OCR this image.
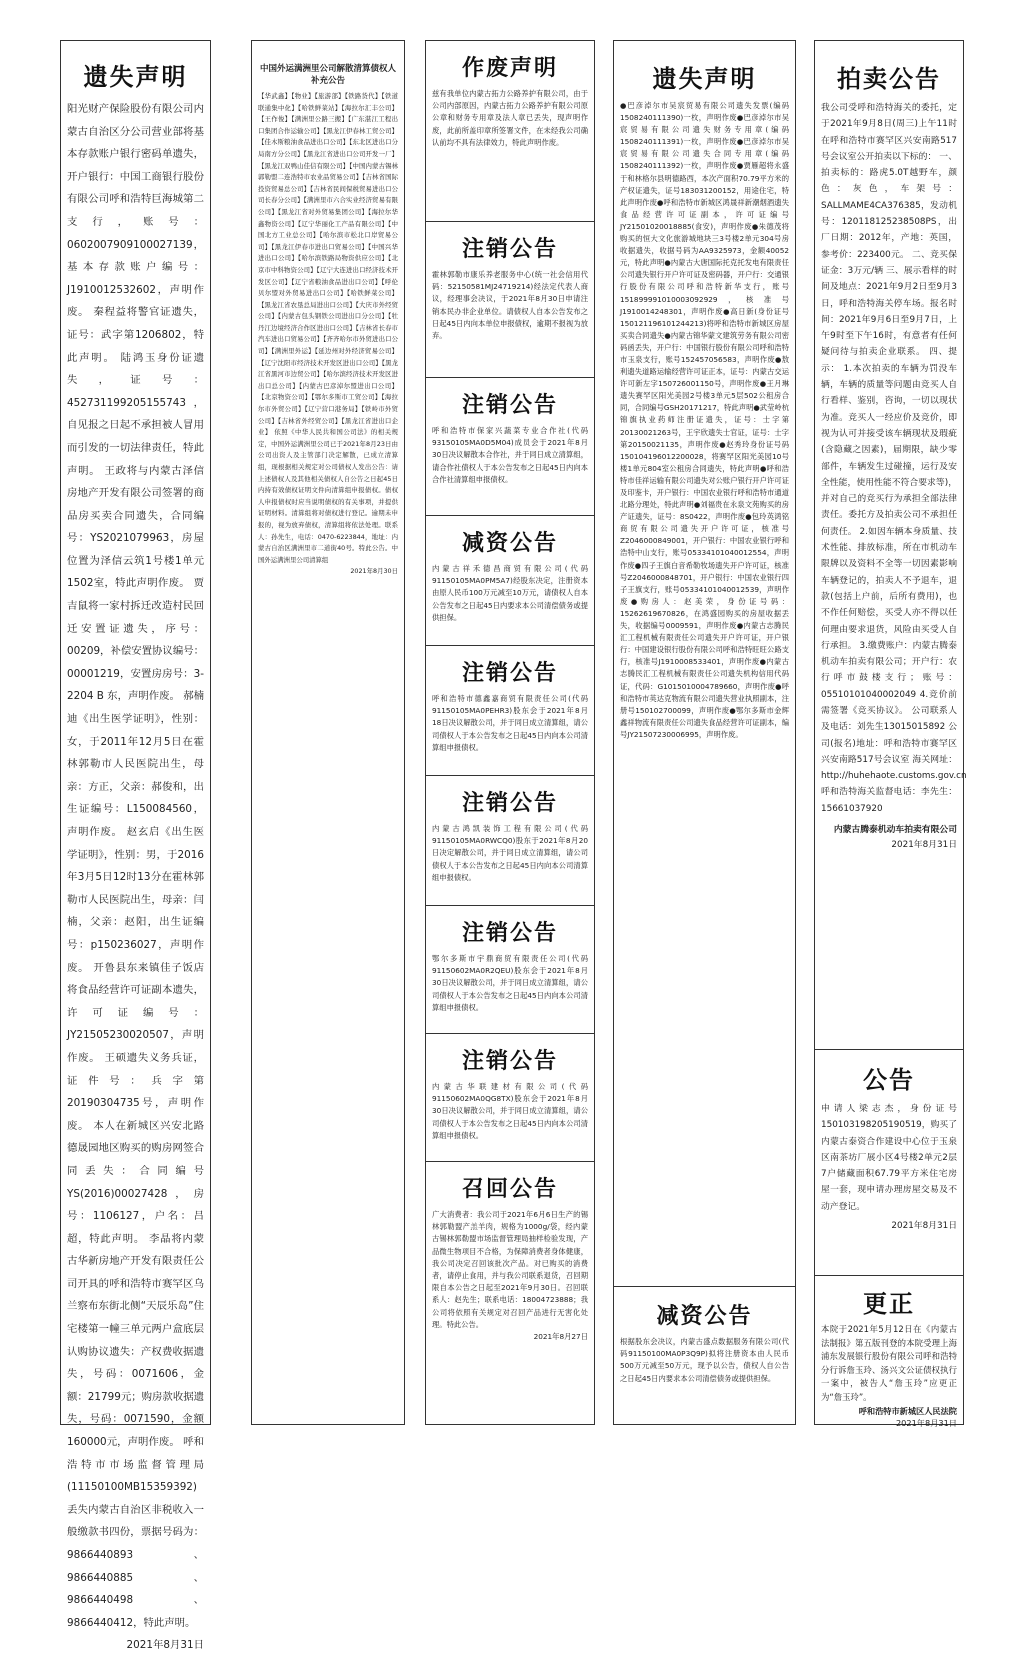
遗失声明

阳光财产保险股份有限公司内蒙古自治区分公司营业部将基本存款账户银行密码单遗失，开户银行：中国工商银行股份有限公司呼和浩特巨海城第二支行，账号：0602007909100027139，基本存款账户编号：J1910012532602，声明作废。 秦程益将警官证遗失，证号：武字第1206802，特此声明。 陆鸿玉身份证遗失，证号：452731199205155743，自见报之日起不承担被人冒用而引发的一切法律责任，特此声明。 王政将与内蒙古泽信房地产开发有限公司签署的商品房买卖合同遗失，合同编号：YS2021079963，房屋位置为泽信云筑1号楼1单元1502室，特此声明作废。 贾吉鼠将一家村拆迁改造村民回迁安置证遗失，序号：00209，补偿安置协议编号：00001219，安置房房号：3-2204 B 东，声明作废。 郝楠迪《出生医学证明》，性别：女，于2011年12月5日在霍林郭勒市人民医院出生，母亲：方正，父亲：郝俊和，出生证编号：L150084560，声明作废。 赵玄启《出生医学证明》，性别：男，于2016年3月5日12时13分在霍林郭勒市人民医院出生，母亲：闫楠，父亲：赵阳，出生证编号：p150236027，声明作废。 开鲁县东来镇佳子饭店将食品经营许可证副本遗失，许可证编号：JY21505230020507，声明作废。 王硕遗失义务兵证，证件号：兵字第20190304735号，声明作废。 本人在新城区兴安北路德晟园地区购买的购房网签合同丢失：合同编号YS(2016)00027428，房号：1106127，户名：吕超，特此声明。 李晶将内蒙古华新房地产开发有限责任公司开具的呼和浩特市赛罕区乌兰察布东街北侧“天辰乐岛”住宅楼第一幢三单元两户盒底层认购协议遗失：产权费收据遗失，号码：0071606，金额：21799元；购房款收据遗失，号码：0071590，金额160000元，声明作废。 呼和浩特市市场监督管理局(11150100MB15359392)丢失内蒙古自治区非税收入一般缴款书四份，票据号码为：9866440893、9866440885、9866440498、9866440412，特此声明。

2021年8月31日

中国外运满洲里公司解散清算债权人补充公告

【华武鑫】【物业】【旅游部】【铁路货代】【铁道联通集中化】【哈铁鲜菜站】【海拉尔汇丰公司】【王作俊】【满洲里公路三搬】【广东湛江工程出口集团合作运输公司】【黑龙江伊春林工贸公司】【佳木斯粮油食品进出口公司】【东北区进出口分局南方分公司】【黑龙江省进出口公司开发一厂】【黑龙江双鸭山佳信有限公司】【中国内蒙古锡林郭勒盟二连浩特市农业品贸易公司】【吉林省国际投资贸易总公司】【吉林省民间保税贸易进出口公司长春分公司】【满洲里市六合实业经济贸易有限公司】【黑龙江省对外贸易集团公司】【海拉尔华鑫物资公司】【辽宁华丽化工产品有限公司】【中国北方工业总公司】【哈尔滨市松北口岸贸易公司】【黑龙江伊春市进出口贸易公司】【中国兴华进出口公司】【哈尔滨铁路局物资供应公司】【北京市中科物资公司】【辽宁大连进出口经济技术开发区公司】【辽宁省粮油食品进出口公司】【呼伦贝尔盟对外贸易进出口公司】【哈铁鲜菜公司】【黑龙江省农垦总局进出口公司】【大庆市外经贸公司】【内蒙古包头钢铁公司进出口分公司】【牡丹江边境经济合作区进出口公司】【吉林省长春市汽车进出口贸易公司】【齐齐哈尔市外贸进出口公司】【满洲里外运】【延边州对外经济贸易公司】【辽宁沈阳市经济技术开发区进出口公司】【黑龙江省黑河市边贸公司】【哈尔滨经济技术开发区进出口总公司】【内蒙古巴彦淖尔盟进出口公司】【北京物资公司】【鄂尔多斯市工贸公司】【海拉尔市外贸公司】【辽宁营口港务局】【铁岭市外贸公司】【吉林省外经贸公司】【黑龙江省进出口企业】 依照《中华人民共和国公司法》的相关规定，中国外运满洲里公司已于2021年8月23日由公司出资人及主管部门决定解散，已成立清算组，现根据相关规定对公司债权人发出公告：请上述债权人及其他相关债权人自公告之日起45日内持有效债权证明文件向清算组申报债权。债权人申报债权时应当说明债权的有关事项，并提供证明材料。清算组将对债权进行登记。逾期未申报的，视为放弃债权，清算组将依法处理。联系人：孙先生，电话：0470-6223844，地址：内蒙古自治区满洲里市二道街40号。特此公告。中国外运满洲里公司清算组

2021年8月30日

作废声明

兹有我单位内蒙古拓力公路养护有限公司，由于公司内部原因，内蒙古拓力公路养护有限公司原公章和财务专用章及法人章已丢失，现声明作废，此前所盖印章所签署文件，在未经我公司确认前均不具有法律效力，特此声明作废。

注销公告

霍林郭勒市康乐养老服务中心(统一社会信用代码：52150581MJ24719214)经法定代表人商议，经理事会决议，于2021年8月30日申请注销本民办非企业单位。请债权人自本公告发布之日起45日内向本单位申报债权，逾期不报视为放弃。

注销公告

呼和浩特市保家兴蔬菜专业合作社(代码93150105MA0D5M04)成员会于2021年8月30日决议解散本合作社，并于同日成立清算组，请合作社债权人于本公告发布之日起45日内向本合作社清算组申报债权。

减资公告

内蒙古祥禾德昌商贸有限公司(代码91150105MA0PM5A7)经股东决定，注册资本由原人民币100万元减至10万元，请债权人自本公告发布之日起45日内要求本公司清偿债务或提供担保。

注销公告

呼和浩特市德鑫嘉商贸有限责任公司(代码91150105MA0PEHR3)股东会于2021年8月18日决议解散公司，并于同日成立清算组，请公司债权人于本公告发布之日起45日内向本公司清算组申报债权。

注销公告

内蒙古鸿凯装饰工程有限公司(代码91150105MA0RWCQ0)股东于2021年8月20日决定解散公司，并于同日成立清算组，请公司债权人于本公告发布之日起45日内向本公司清算组申报债权。

注销公告

鄂尔多斯市宇鼎商贸有限责任公司(代码91150602MA0R2QEU)股东会于2021年8月30日决议解散公司，并于同日成立清算组，请公司债权人于本公告发布之日起45日内向本公司清算组申报债权。

注销公告

内蒙古华联建材有限公司(代码91150602MA0QG8TX)股东会于2021年8月30日决议解散公司，并于同日成立清算组，请公司债权人于本公告发布之日起45日内向本公司清算组申报债权。

召回公告

广大消费者：我公司于2021年6月6日生产的锡林郭勒盟产羔羊肉，规格为1000g/袋，经内蒙古锡林郭勒盟市场监督管理局抽样检验发现，产品微生物项目不合格，为保障消费者身体健康，我公司决定召回该批次产品。对已购买的消费者，请停止食用，并与我公司联系退货，召回期限自本公告之日起至2021年9月30日。召回联系人：赵先生；联系电话：18004723888；我公司将依照有关规定对召回产品进行无害化处理。特此公告。

2021年8月27日

遗失声明

●巴彦淖尔市吴宸贸易有限公司遗失发票(编码1508240111390)一枚，声明作废●巴彦淖尔市吴宸贸易有限公司遗失财务专用章(编码1508240111391)一枚，声明作废●巴彦淖尔市吴宸贸易有限公司遗失合同专用章(编码1508240111392)一枚，声明作废●贾雁超将永盛于和林格尔县明德路西，本次产面积70.79平方米的产权证遗失，证号183031200152，用途住宅，特此声明作废●呼和浩特市新城区鸿晟祥新潮烟酒遗失食品经营许可证副本，许可证编号JY21501020018885(食安)，声明作废●朱德茂将购买的恒大文化旅游城地块三3号楼2单元304号房收据遗失，收据号码为AA9325973，金额40052元，特此声明●内蒙古大唐国际托克托发电有限责任公司遗失银行开户许可证及密码器，开户行：交通银行股份有限公司呼和浩特新华支行，账号151899991010003092929，核准号J1910014248301，声明作废●高日新(身份证号150121196101244213)将呼和浩特市新城区房屋买卖合同遗失●内蒙古锦华蒙文建筑劳务有限公司密码函丢失，开户行：中国银行股份有限公司呼和浩特市玉泉支行，账号152457056583，声明作废●敖利遗失道路运输经营许可证正本，证号：内蒙古交运许可新左字150726001150号，声明作废●王月琳遗失赛罕区阳光美园2号楼3单元5层502公租房合同，合同编号GSH20171217，特此声明●武莹岭杭锦旗执业药师注册证遗失，证号：士字第20130021263号，王宇欣遗失士官证，证号：士字第20150021135，声明作废●赵秀玲身份证号码150104196012200028，将赛罕区阳光美园10号楼1单元804室公租房合同遗失，特此声明●呼和浩特市佳祥运输有限公司遗失对公账户银行开户许可证及印鉴卡，开户银行：中国农业银行呼和浩特市通道北路分理处，特此声明●刘福贵在永泉文苑购买的房产证遗失，证号：8S0422，声明作废●包玲英鸿铭商贸有限公司遗失开户许可证，核准号Z2046000849001，开户银行：中国农业银行呼和浩特中山支行，账号05334101040012554，声明作废●四子王旗白音希勒牧场遗失开户许可证，核准号Z2046000848701，开户银行：中国农业银行四子王旗支行，账号05334101040012539，声明作废●购房人：赵美荣，身份证号码：15262619670826，在鸿盛园购买的房屋收据丢失，收据编号0009591，声明作废●内蒙古志腾民汇工程机械有限责任公司遗失开户许可证，开户银行：中国建设银行股份有限公司呼和浩特旺旺公路支行，核准号J1910008533401，声明作废●内蒙古志腾民汇工程机械有限责任公司遗失机构信用代码证，代码：G1015010004789660，声明作废●呼和浩特市英达克物流有限公司遗失营业执照副本，注册号150102700099，声明作废●鄂尔多斯市金辉鑫祥物流有限责任公司遗失食品经营许可证副本，编号JY21507230006995，声明作废。

减资公告

根据股东会决议，内蒙古盛点数据服务有限公司(代码91150100MA0P3Q9P)拟将注册资本由人民币500万元减至50万元，现予以公告，债权人自公告之日起45日内要求本公司清偿债务或提供担保。

拍卖公告

我公司受呼和浩特海关的委托，定于2021年9月8日(周三)上午11时在呼和浩特市赛罕区兴安南路517号会议室公开拍卖以下标的： 一、拍卖标的：路虎5.0T越野车，颜色：灰色，车架号：SALLMAME4CA376385，发动机号：120118125238508PS，出厂日期：2012年，产地：英国，参考价：223400元。 二、竞买保证金：3万元/辆 三、展示看样的时间及地点：2021年9月2日至9月3日，呼和浩特海关停车场。报名时间：2021年9月6日至9月7日，上午9时至下午16时，有意者有任何疑问待与拍卖企业联系。 四、提示： 1.本次拍卖的车辆为罚没车辆，车辆的质量等问题由竞买人自行看样、鉴别，咨询，一切以现状为准。竞买人一经应价及竞价，即视为认可并接受该车辆现状及瑕疵(含隐藏之因素)，届期限，缺少零部件，车辆发生过碰撞，运行及安全性能，使用性能不符合要求等)，并对自己的竞买行为承担全部法律责任。委托方及拍卖公司不承担任何责任。 2.如因车辆本身质量、技术性能、排放标准，所在市机动车限牌以及资料不全等一切因素影响车辆登记的，拍卖人不予退车，退款(包括上户前，后所有费用)，也不作任何赔偿，买受人亦不得以任何理由要求退货，风险由买受人自行承担。 3.缴费账户：内蒙古腾泰机动车拍卖有限公司；开户行：农行呼市鼓楼支行；账号：05510101040002049 4.竞价前需签署《竞买协议》。 公司联系人及电话：刘先生13015015892 公司(报名)地址：呼和浩特市赛罕区兴安南路517号会议室 海关网址：http://huhehaote.customs.gov.cn 呼和浩特海关监督电话：李先生：15661037920

内蒙古腾泰机动车拍卖有限公司

2021年8月31日

公告

申请人梁志杰，身份证号150103198205190519，购买了内蒙古泰资合作建设中心位于玉泉区南茶坊厂展小区4号楼2单元2层7户储藏面积67.79平方米住宅房屋一套，现申请办理房屋交易及不动产登记。

2021年8月31日

更正

本院于2021年5月12日在《内蒙古法制报》第五版刊登的本院受理上海浦东发展银行股份有限公司呼和浩特分行诉詹玉玲、汤兴文公证债权执行一案中，被告人“詹玉玲”应更正为“詹玉玲”。

呼和浩特市新城区人民法院

2021年8月31日
